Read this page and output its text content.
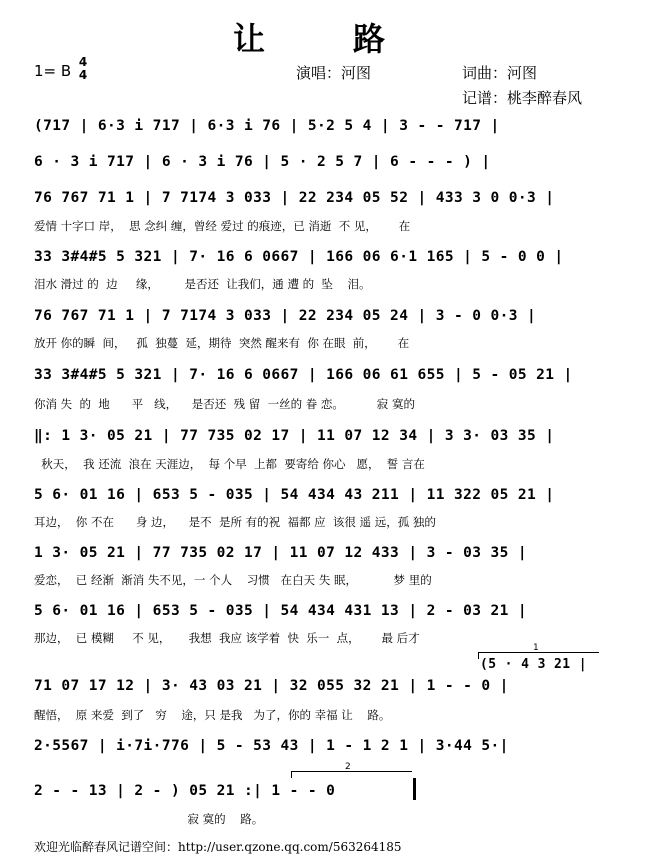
让　路
1= B 4
4	演唱：河图	词曲：河图
记谱：桃李醉春风
(717 | 6·3 i 717 | 6·3 i 76 | 5·2 5 4 | 3 - - 717 |
6 · 3 i 717 | 6 · 3 i 76 | 5 · 2 5 7 | 6 - - - ) |
76 767 71 1 | 7 7174 3 033 | 22 234 05 52 | 433 3 0 0·3 |
爱情 十字口 岸，  思 念纠 缠，曾经 爱过 的痕迹，已 消逝  不 见，      在
33 3#4#5 5 321 | 7· 16 6 0667 | 166 06 6·1 165 | 5 - 0 0 |
泪水 滑过 的  边     缘，       是否还  让我们，通 遭 的  坠    泪。
76 767 71 1 | 7 7174 3 033 | 22 234 05 24 | 3 - 0 0·3 |
放开 你的瞬  间，   孤  独蔓  延，期待  突然 醒来有  你 在眼  前，      在
33 3#4#5 5 321 | 7· 16 6 0667 | 166 06 61 655 | 5 - 05 21 |
你消 失  的  地      平   线，    是否还  残 留  一丝的 眷 恋。         寂 寞的
‖: 1 3· 05 21 | 77 735 02 17 | 11 07 12 34 | 3 3· 03 35 |
秋天，  我 还流  浪在 天涯边，  每 个早  上都  要寄给 你心   愿，  誓 言在
5 6· 01 16 | 653 5 - 035 | 54 434 43 211 | 11 322 05 21 |
耳边，  你 不在      身 边，    是不  是所 有的祝  福都 应  该很 遥 远，孤 独的
1 3· 05 21 | 77 735 02 17 | 11 07 12 433 | 3 - 03 35 |
爱恋，  已 经渐  渐消 失不见，一 个人    习惯   在白天 失 眠，          梦 里的
5 6· 01 16 | 653 5 - 035 | 54 434 431 13 | 2 - 03 21 |
那边，  已 模糊     不 见，     我想  我应 该学着  快  乐一  点，      最 后才
1
(5 · 4 3 21 |
71 07 17 12 | 3· 43 03 21 | 32 055 32 21 | 1 - - 0 |
醒悟，  原 来爱  到了   穷    途，只 是我   为了，你的 幸福 让    路。
2·5567 | i·7i·776 | 5 - 53 43 | 1 - 1 2 1 | 3·44 5·|
2
2 - - 13 | 2 - ) 05 21 :| 1 - - 0
寂 寞的    路。
欢迎光临醉春风记谱空间：http://user.qzone.qq.com/563264185
